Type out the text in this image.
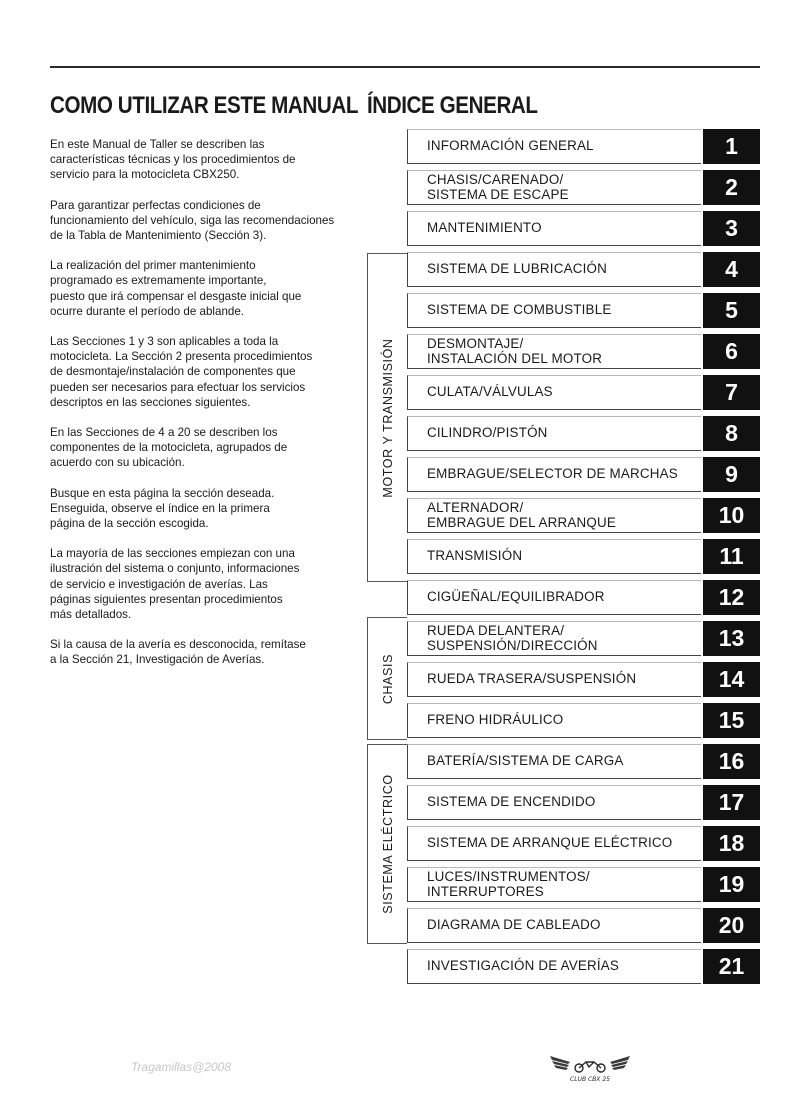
COMO UTILIZAR ESTE MANUAL ÍNDICE GENERAL

En este Manual de Taller se describen las
características técnicas y los procedimientos de
servicio para la motocicleta CBX250.

Para garantizar perfectas condiciones de
funcionamiento del vehículo, siga las recomendaciones
de la Tabla de Mantenimiento (Sección 3).

La realización del primer mantenimiento
programado es extremamente importante,
puesto que irá compensar el desgaste inicial que
ocurre durante el período de ablande.

Las Secciones 1 y 3 son aplicables a toda la
motocicleta. La Sección 2 presenta procedimientos
de desmontaje/instalación de componentes que
pueden ser necesarios para efectuar los servicios
descriptos en las secciones siguientes.

En las Secciones de 4 a 20 se describen los
componentes de la motocicleta, agrupados de
acuerdo con su ubicación.

Busque en esta página la sección deseada.
Enseguida, observe el índice en la primera
página de la sección escogida.

La mayoría de las secciones empiezan con una
ilustración del sistema o conjunto, informaciones
de servicio e investigación de averías. Las
páginas siguientes presentan procedimientos
más detallados.

Si la causa de la avería es desconocida, remítase
a la Sección 21, Investigación de Averías.

MOTOR Y TRANSMISIÓN
CHASIS
SISTEMA ELÉCTRICO
INFORMACIÓN GENERAL	1
CHASIS/CARENADO/
SISTEMA DE ESCAPE	2
MANTENIMIENTO	3
SISTEMA DE LUBRICACIÓN	4
SISTEMA DE COMBUSTIBLE	5
DESMONTAJE/
INSTALACIÓN DEL MOTOR	6
CULATA/VÁLVULAS	7
CILINDRO/PISTÓN	8
EMBRAGUE/SELECTOR DE MARCHAS	9
ALTERNADOR/
EMBRAGUE DEL ARRANQUE	10
TRANSMISIÓN	11
CIGÜEÑAL/EQUILIBRADOR	12
RUEDA DELANTERA/
SUSPENSIÓN/DIRECCIÓN	13
RUEDA TRASERA/SUSPENSIÓN	14
FRENO HIDRÁULICO	15
BATERÍA/SISTEMA DE CARGA	16
SISTEMA DE ENCENDIDO	17
SISTEMA DE ARRANQUE ELÉCTRICO	18
LUCES/INSTRUMENTOS/
INTERRUPTORES	19
DIAGRAMA DE CABLEADO	20
INVESTIGACIÓN DE AVERÍAS	21
Tragamillas@2008
CLUB CBX 25
